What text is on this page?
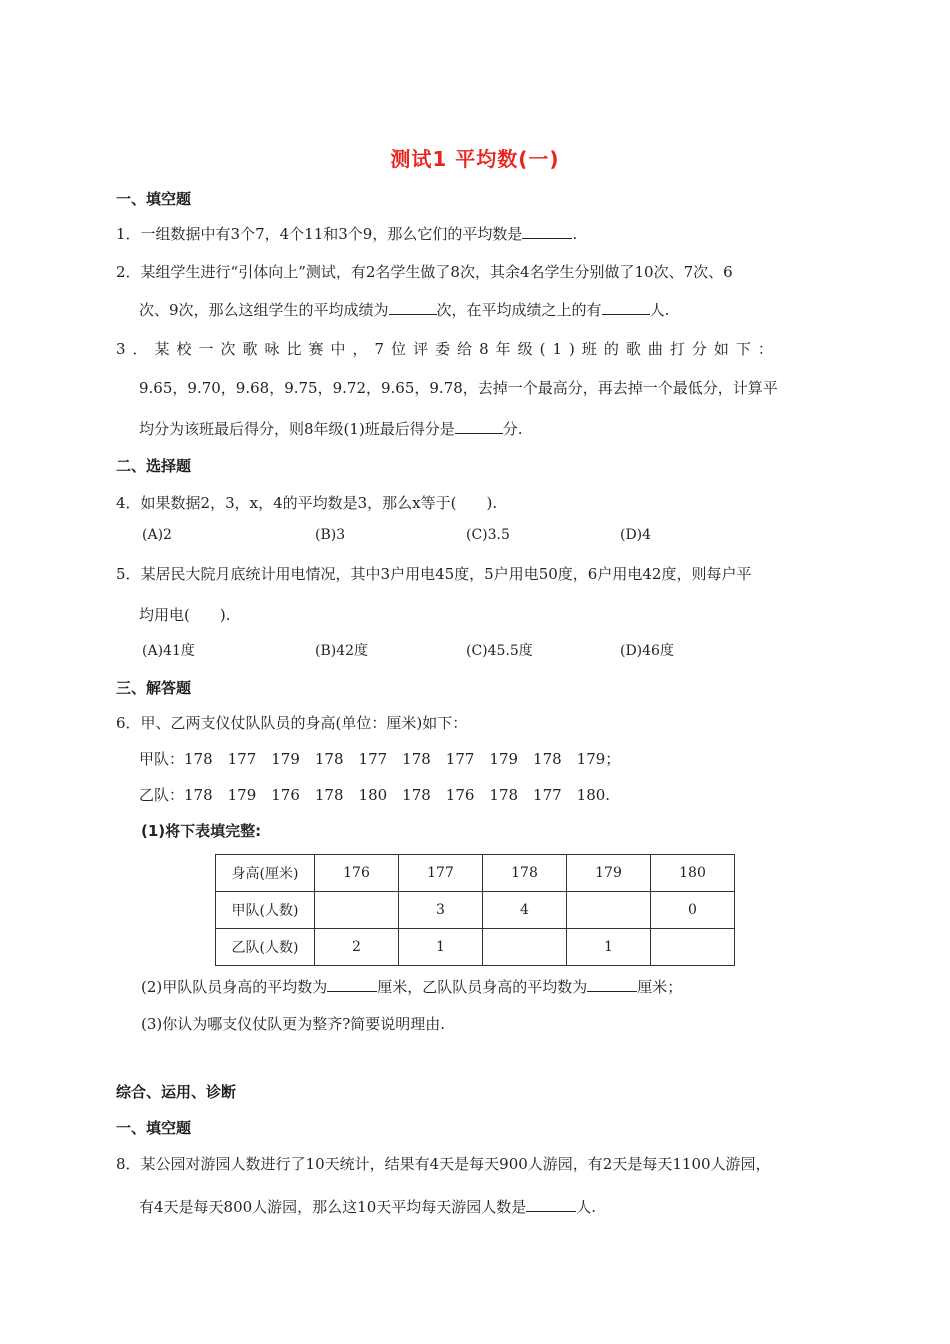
测试1 平均数(一)
一、填空题
1．一组数据中有3个7，4个11和3个9，那么它们的平均数是	.
2．某组学生进行“引体向上”测试，有2名学生做了8次，其余4名学生分别做了10次、7次、6
次、9次，那么这组学生的平均成绩为	次，在平均成绩之上的有	人.
3．某校一次歌咏比赛中，7位评委给8年级(1)班的歌曲打分如下：
9.65，9.70，9.68，9.75，9.72，9.65，9.78，去掉一个最高分，再去掉一个最低分，计算平
均分为该班最后得分，则8年级(1)班最后得分是	分.
二、选择题
4．如果数据2，3，x，4的平均数是3，那么x等于(　　).
(A)2	(B)3	(C)3.5	(D)4
5．某居民大院月底统计用电情况，其中3户用电45度，5户用电50度，6户用电42度，则每户平
均用电(　　).
(A)41度	(B)42度	(C)45.5度	(D)46度
三、解答题
6．甲、乙两支仪仗队队员的身高(单位：厘米)如下：
甲队：178　177　179　178　177　178　177　179　178　179；
乙队：178　179　176　178　180　178　176　178　177　180.
(1)将下表填完整:
身高(厘米)	176	177	178	179	180
甲队(人数)		3	4		0
乙队(人数)	2	1		1	
(2)甲队队员身高的平均数为	厘米，乙队队员身高的平均数为	厘米；
(3)你认为哪支仪仗队更为整齐?简要说明理由.
综合、运用、诊断
一、填空题
8．某公园对游园人数进行了10天统计，结果有4天是每天900人游园，有2天是每天1100人游园，
有4天是每天800人游园，那么这10天平均每天游园人数是	人.
